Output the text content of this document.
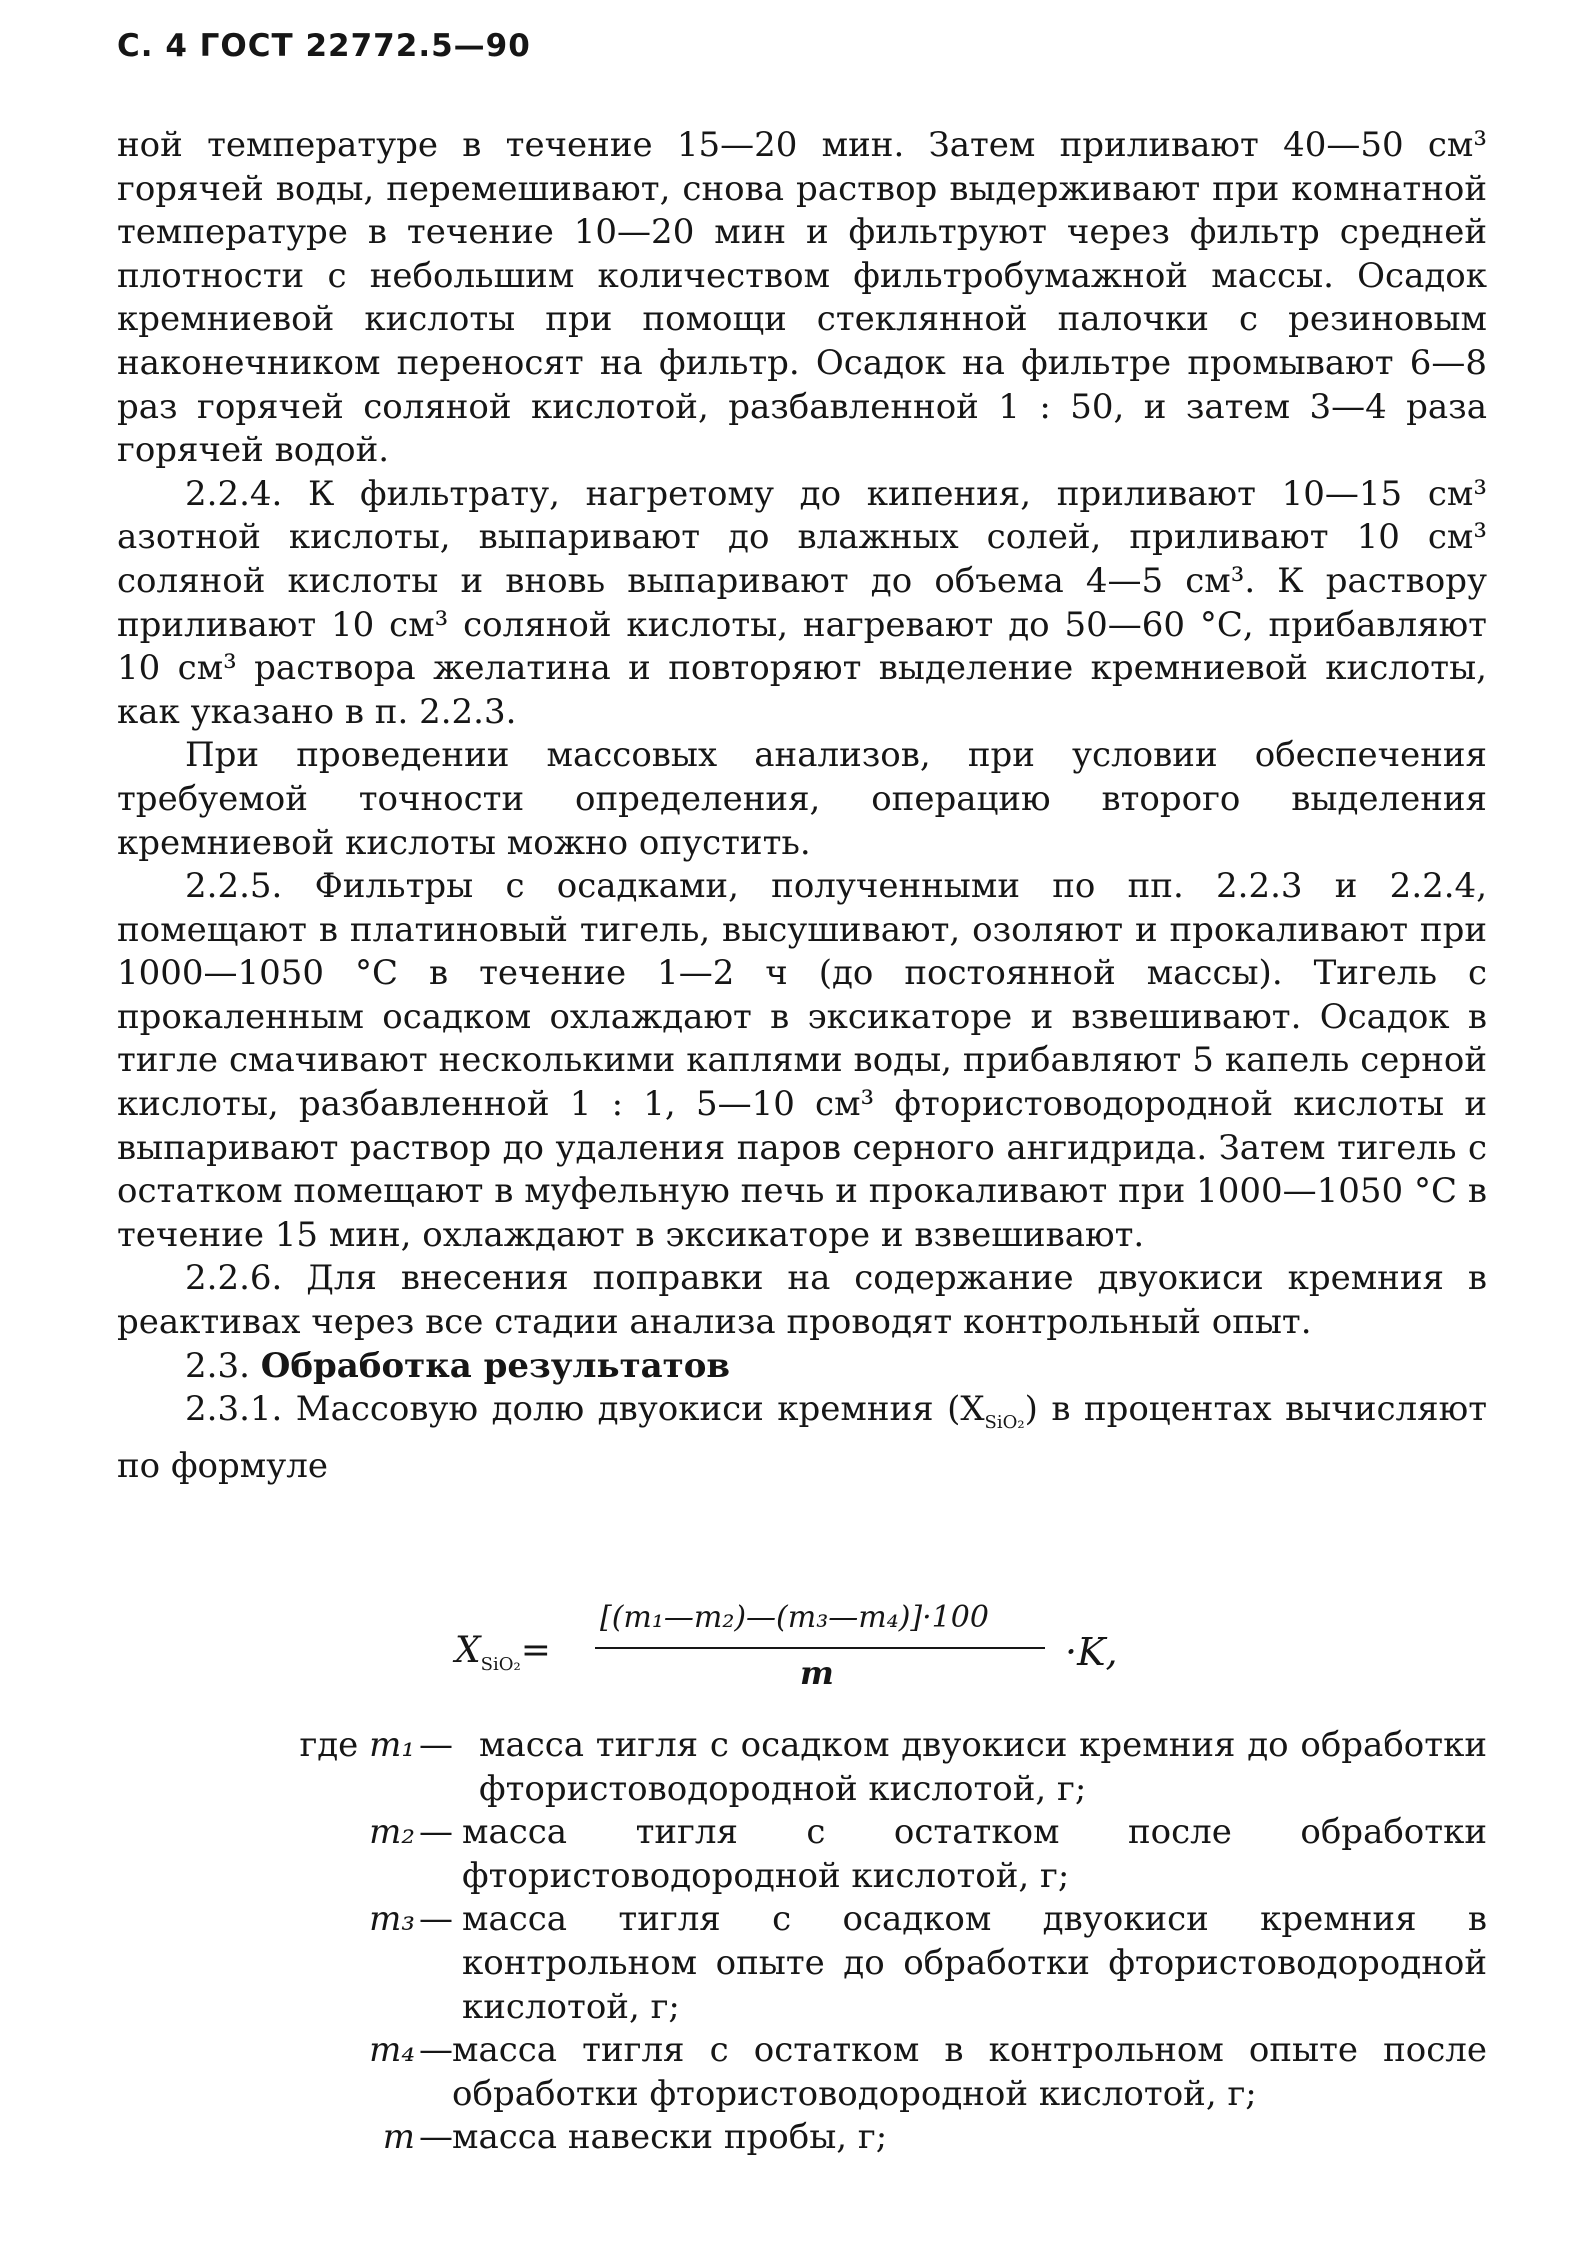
С. 4 ГОСТ 22772.5—90

ной температуре в течение 15—20 мин. Затем приливают 40—50 см³ горячей воды, перемешивают, снова раствор выдерживают при комнатной температуре в течение 10—20 мин и фильтруют через фильтр средней плотности с небольшим количеством фильтробумажной массы. Осадок кремниевой кислоты при помощи стеклянной палочки с резиновым наконечником переносят на фильтр. Осадок на фильтре промывают 6—8 раз горячей соляной кислотой, разбавленной 1 : 50, и затем 3—4 раза горячей водой.

2.2.4. К фильтрату, нагретому до кипения, приливают 10—15 см³ азотной кислоты, выпаривают до влажных солей, приливают 10 см³ соляной кислоты и вновь выпаривают до объема 4—5 см³. К раствору приливают 10 см³ соляной кислоты, нагревают до 50—60 °С, прибавляют 10 см³ раствора желатина и повторяют выделение кремниевой кислоты, как указано в п. 2.2.3.

При проведении массовых анализов, при условии обеспечения требуемой точности определения, операцию второго выделения кремниевой кислоты можно опустить.

2.2.5. Фильтры с осадками, полученными по пп. 2.2.3 и 2.2.4, помещают в платиновый тигель, высушивают, озоляют и прокаливают при 1000—1050 °С в течение 1—2 ч (до постоянной массы). Тигель с прокаленным осадком охлаждают в эксикаторе и взвешивают. Осадок в тигле смачивают несколькими каплями воды, прибавляют 5 капель серной кислоты, разбавленной 1 : 1, 5—10 см³ фтористоводородной кислоты и выпаривают раствор до удаления паров серного ангидрида. Затем тигель с остатком помещают в муфельную печь и прокаливают при 1000—1050 °С в течение 15 мин, охлаждают в эксикаторе и взвешивают.

2.2.6. Для внесения поправки на содержание двуокиси кремния в реактивах через все стадии анализа проводят контрольный опыт.

2.3. Обработка результатов

2.3.1. Массовую долю двуокиси кремния $(X_{SiO_2})$ в процентах вычисляют по формуле

$X_{SiO_2}=$
[(m₁—m₂)—(m₃—m₄)]·100
m	·K,
где m₁ — масса тигля с осадком двуокиси кремния до обработки фтористоводородной кислотой, г;
m₂ — масса тигля с остатком после обработки фтористоводородной кислотой, г;
m₃ — масса тигля с осадком двуокиси кремния в контрольном опыте до обработки фтористоводородной кислотой, г;
m₄ — масса тигля с остатком в контрольном опыте после обработки фтористоводородной кислотой, г;
m — масса навески пробы, г;
